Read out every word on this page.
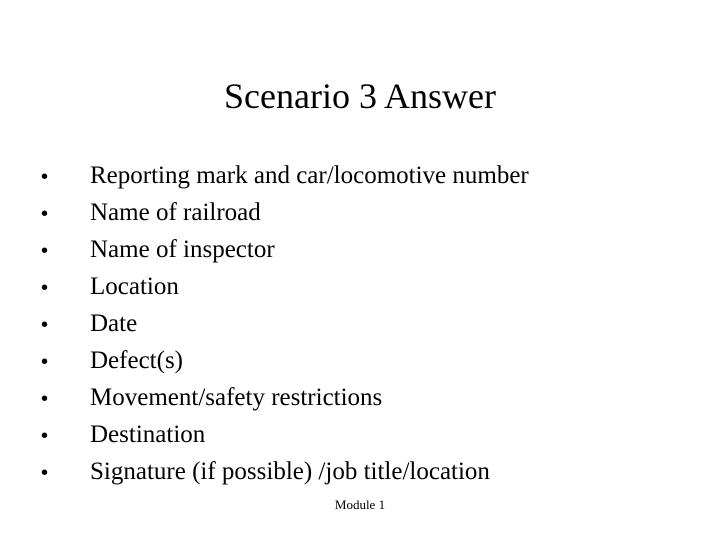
Scenario 3 Answer
•	Reporting mark and car/locomotive number
•	Name of railroad
•	Name of inspector
•	Location
•	Date
•	Defect(s)
•	Movement/safety restrictions
•	Destination
•	Signature (if possible) /job title/location
Module 1
